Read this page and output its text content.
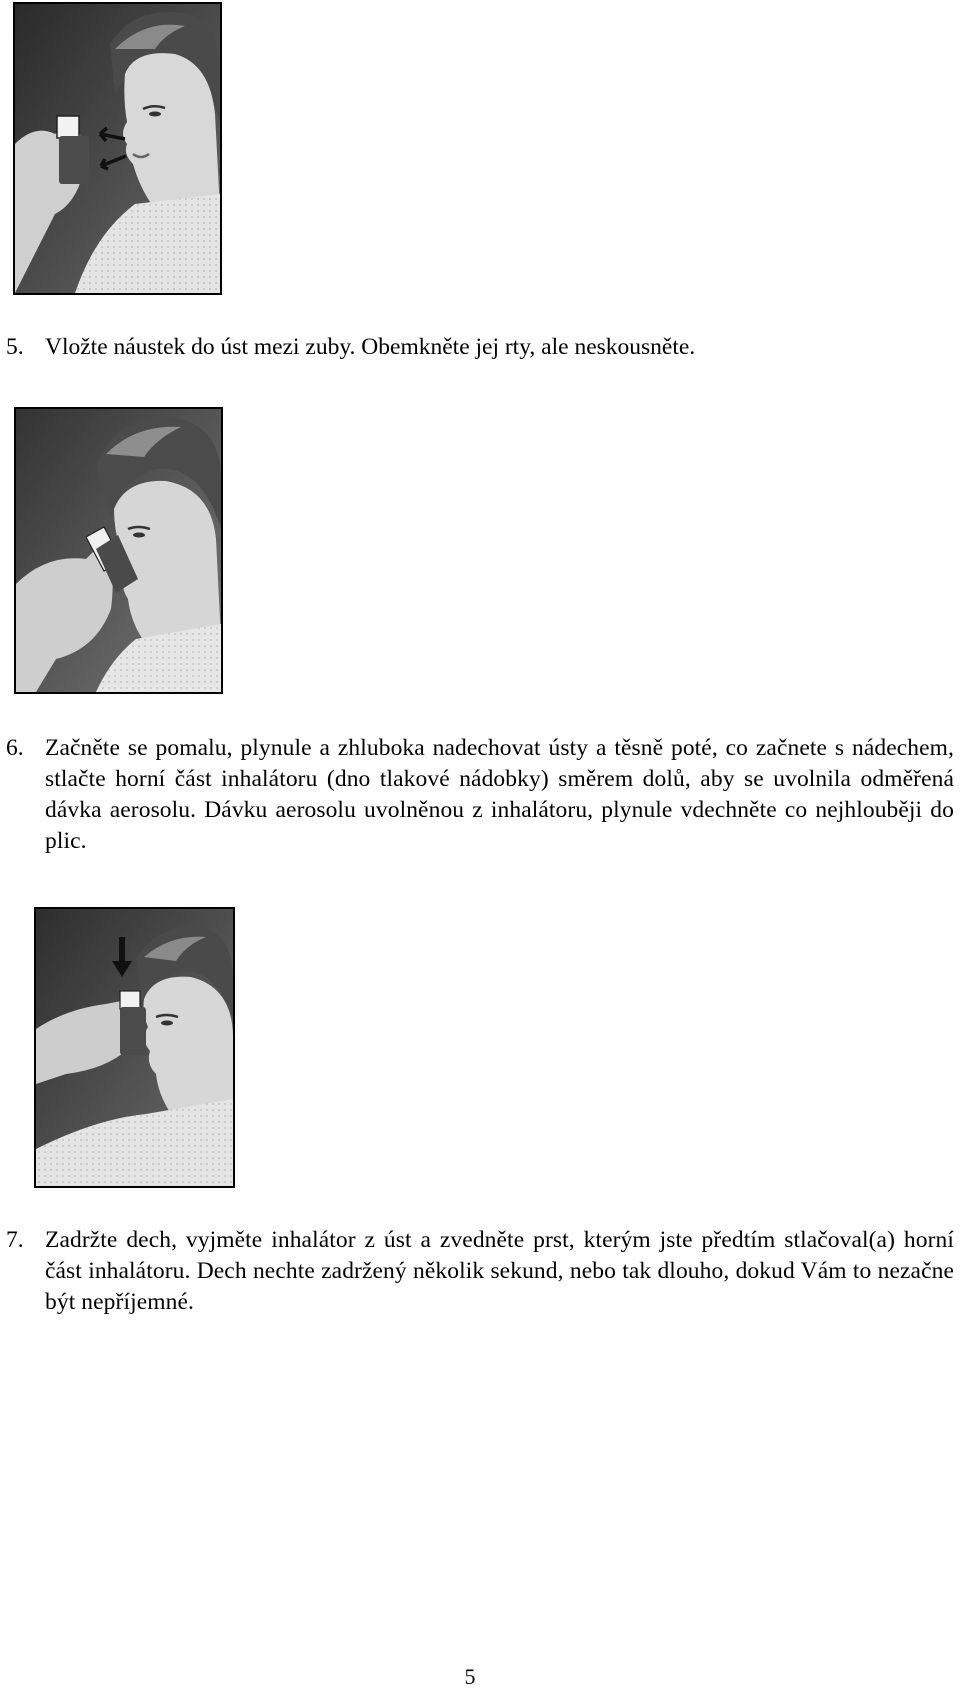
5. Vložte náustek do úst mezi zuby. Obemkněte jej rty, ale neskousněte.
6. Začněte se pomalu, plynule a zhluboka nadechovat ústy a těsně poté, co začnete s nádechem, stlačte horní část inhalátoru (dno tlakové nádobky) směrem dolů, aby se uvolnila odměřená dávka aerosolu. Dávku aerosolu uvolněnou z inhalátoru, plynule vdechněte co nejhlouběji do plic.
7. Zadržte dech, vyjměte inhalátor z úst a zvedněte prst, kterým jste předtím stlačoval(a) horní část inhalátoru. Dech nechte zadržený několik sekund, nebo tak dlouho, dokud Vám to nezačne být nepříjemné.
5
